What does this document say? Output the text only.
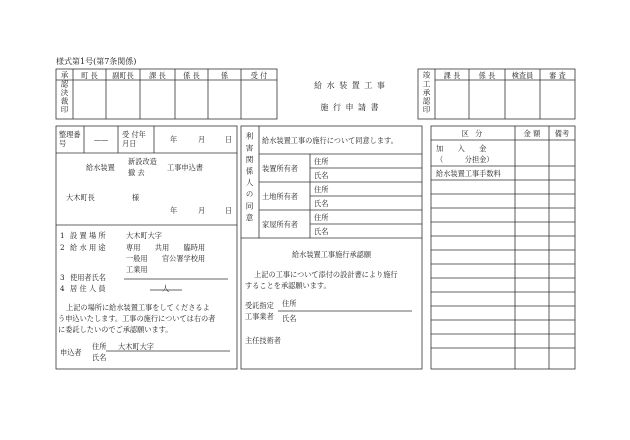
様式第1号(第7条関係)
承認決裁印	町 長	副町長	課 長	係 長	係	受 付
給 水 装 置 工 事
施 行 申 請 書	竣工承認印	課 長	係 長	検査員	審 査
整理番号	——
受 付年月日	年	月	日
給水装置
新設改造
撤 去
工事申込書
大木町長	様
年	月	日
1 設 置 場 所	大木町大字
2 給 水 用 途	専用　　共用　　臨時用
一般用　　官公署学校用
工業用
3 使用者氏名
4 居 住 人 員	人
上記の場所に給水装置工事をしてくださるよ
う申込いたします。工事の施行については右の者
に委託したいのでご承認願います。
申込者
住所 大木町大字
氏名
利害関係人の同意 給水装置工事の施行について同意します。
装置所有者
住所
氏名
土地所有者
住所
氏名
家屋所有者
住所
氏名
給水装置工事施行承認願
上記の工事について添付の設計書により施行
することを承認願います。
受託指定
工事業者
住所
氏名
主任技術者
区 分	金 額	備考
加　　入　　金
（　　　分担金）
給水装置工事手数料
